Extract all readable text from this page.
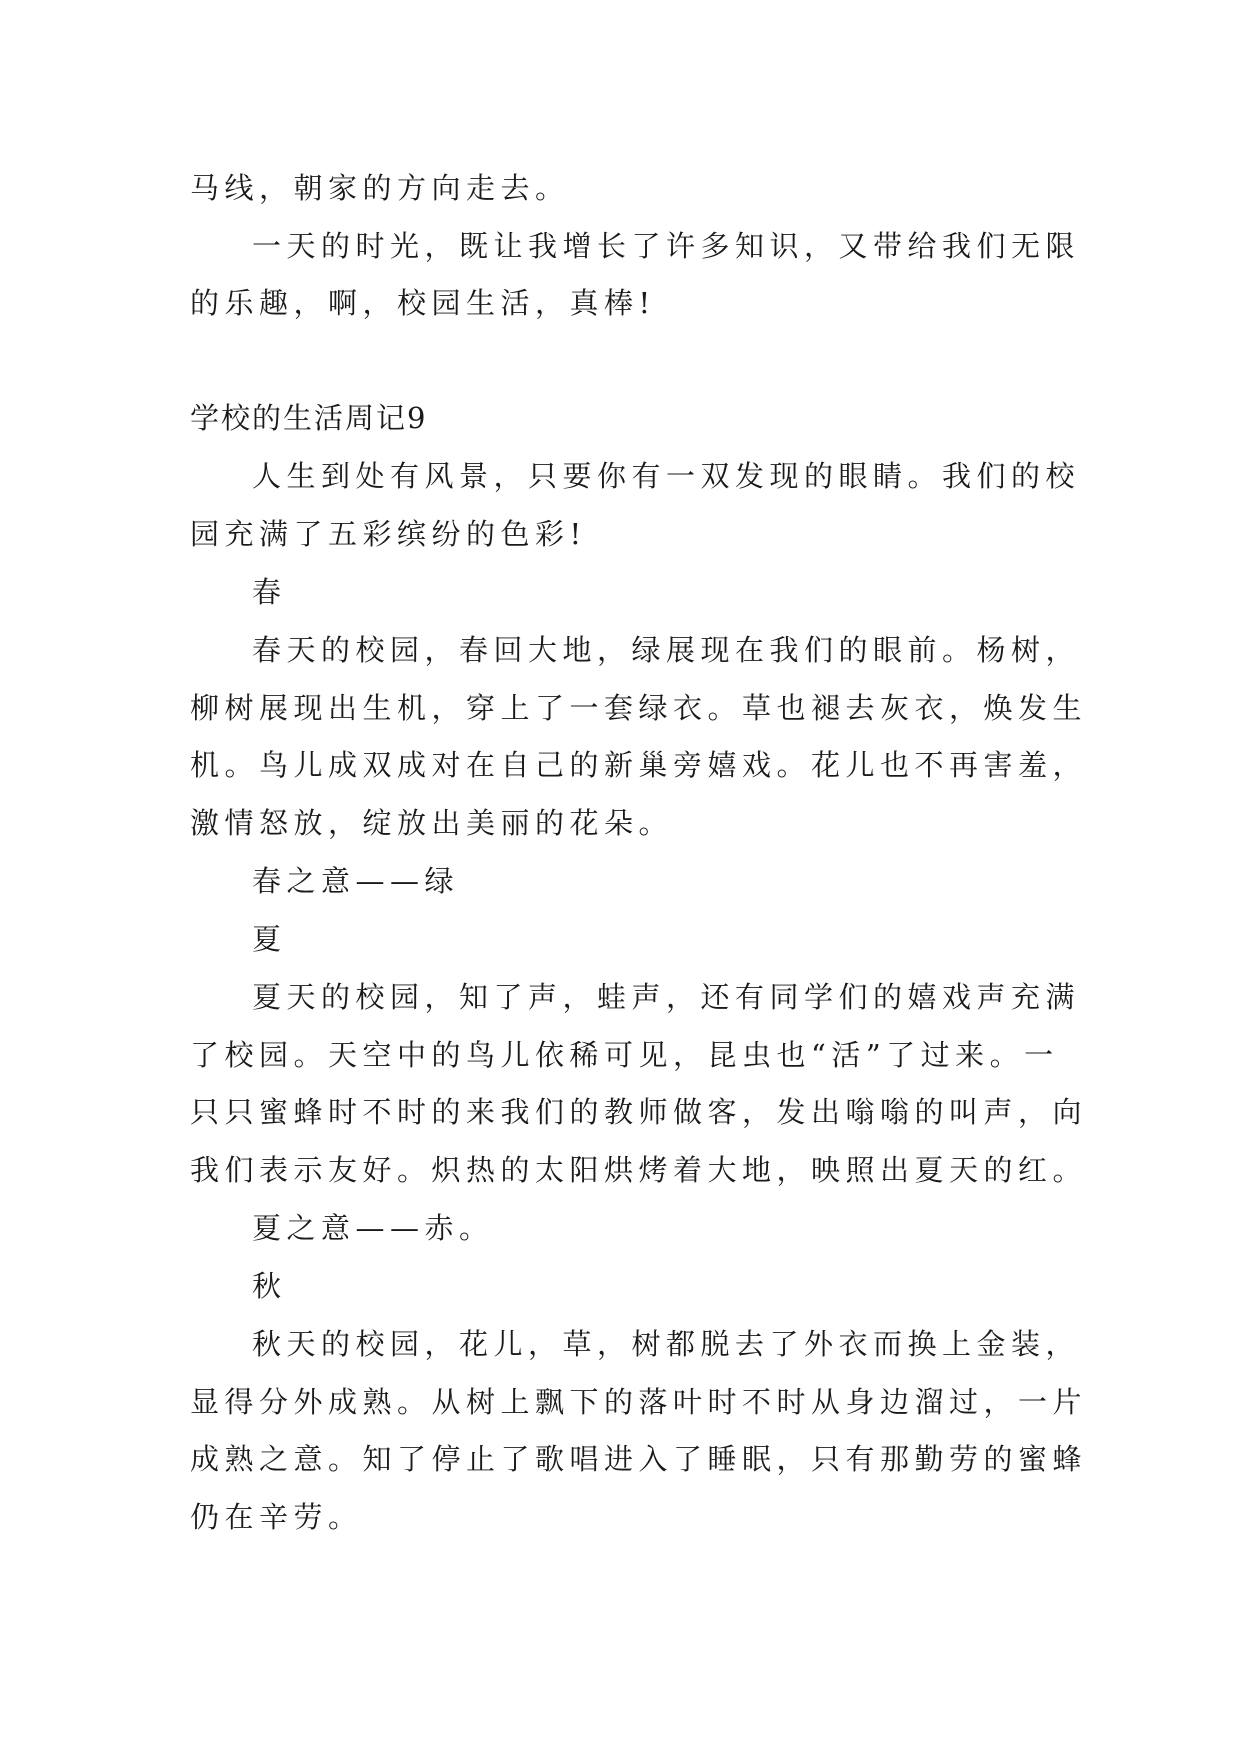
马线，朝家的方向走去。
一天的时光，既让我增长了许多知识，又带给我们无限
的乐趣，啊，校园生活，真棒!
学校的生活周记9
人生到处有风景，只要你有一双发现的眼睛。我们的校
园充满了五彩缤纷的色彩!
春
春天的校园，春回大地，绿展现在我们的眼前。杨树，
柳树展现出生机，穿上了一套绿衣。草也褪去灰衣，焕发生
机。鸟儿成双成对在自己的新巢旁嬉戏。花儿也不再害羞，
激情怒放，绽放出美丽的花朵。
春之意——绿
夏
夏天的校园，知了声，蛙声，还有同学们的嬉戏声充满
了校园。天空中的鸟儿依稀可见，昆虫也“活”了过来。一
只只蜜蜂时不时的来我们的教师做客，发出嗡嗡的叫声，向
我们表示友好。炽热的太阳烘烤着大地，映照出夏天的红。
夏之意——赤。
秋
秋天的校园，花儿，草，树都脱去了外衣而换上金装，
显得分外成熟。从树上飘下的落叶时不时从身边溜过，一片
成熟之意。知了停止了歌唱进入了睡眠，只有那勤劳的蜜蜂
仍在辛劳。
